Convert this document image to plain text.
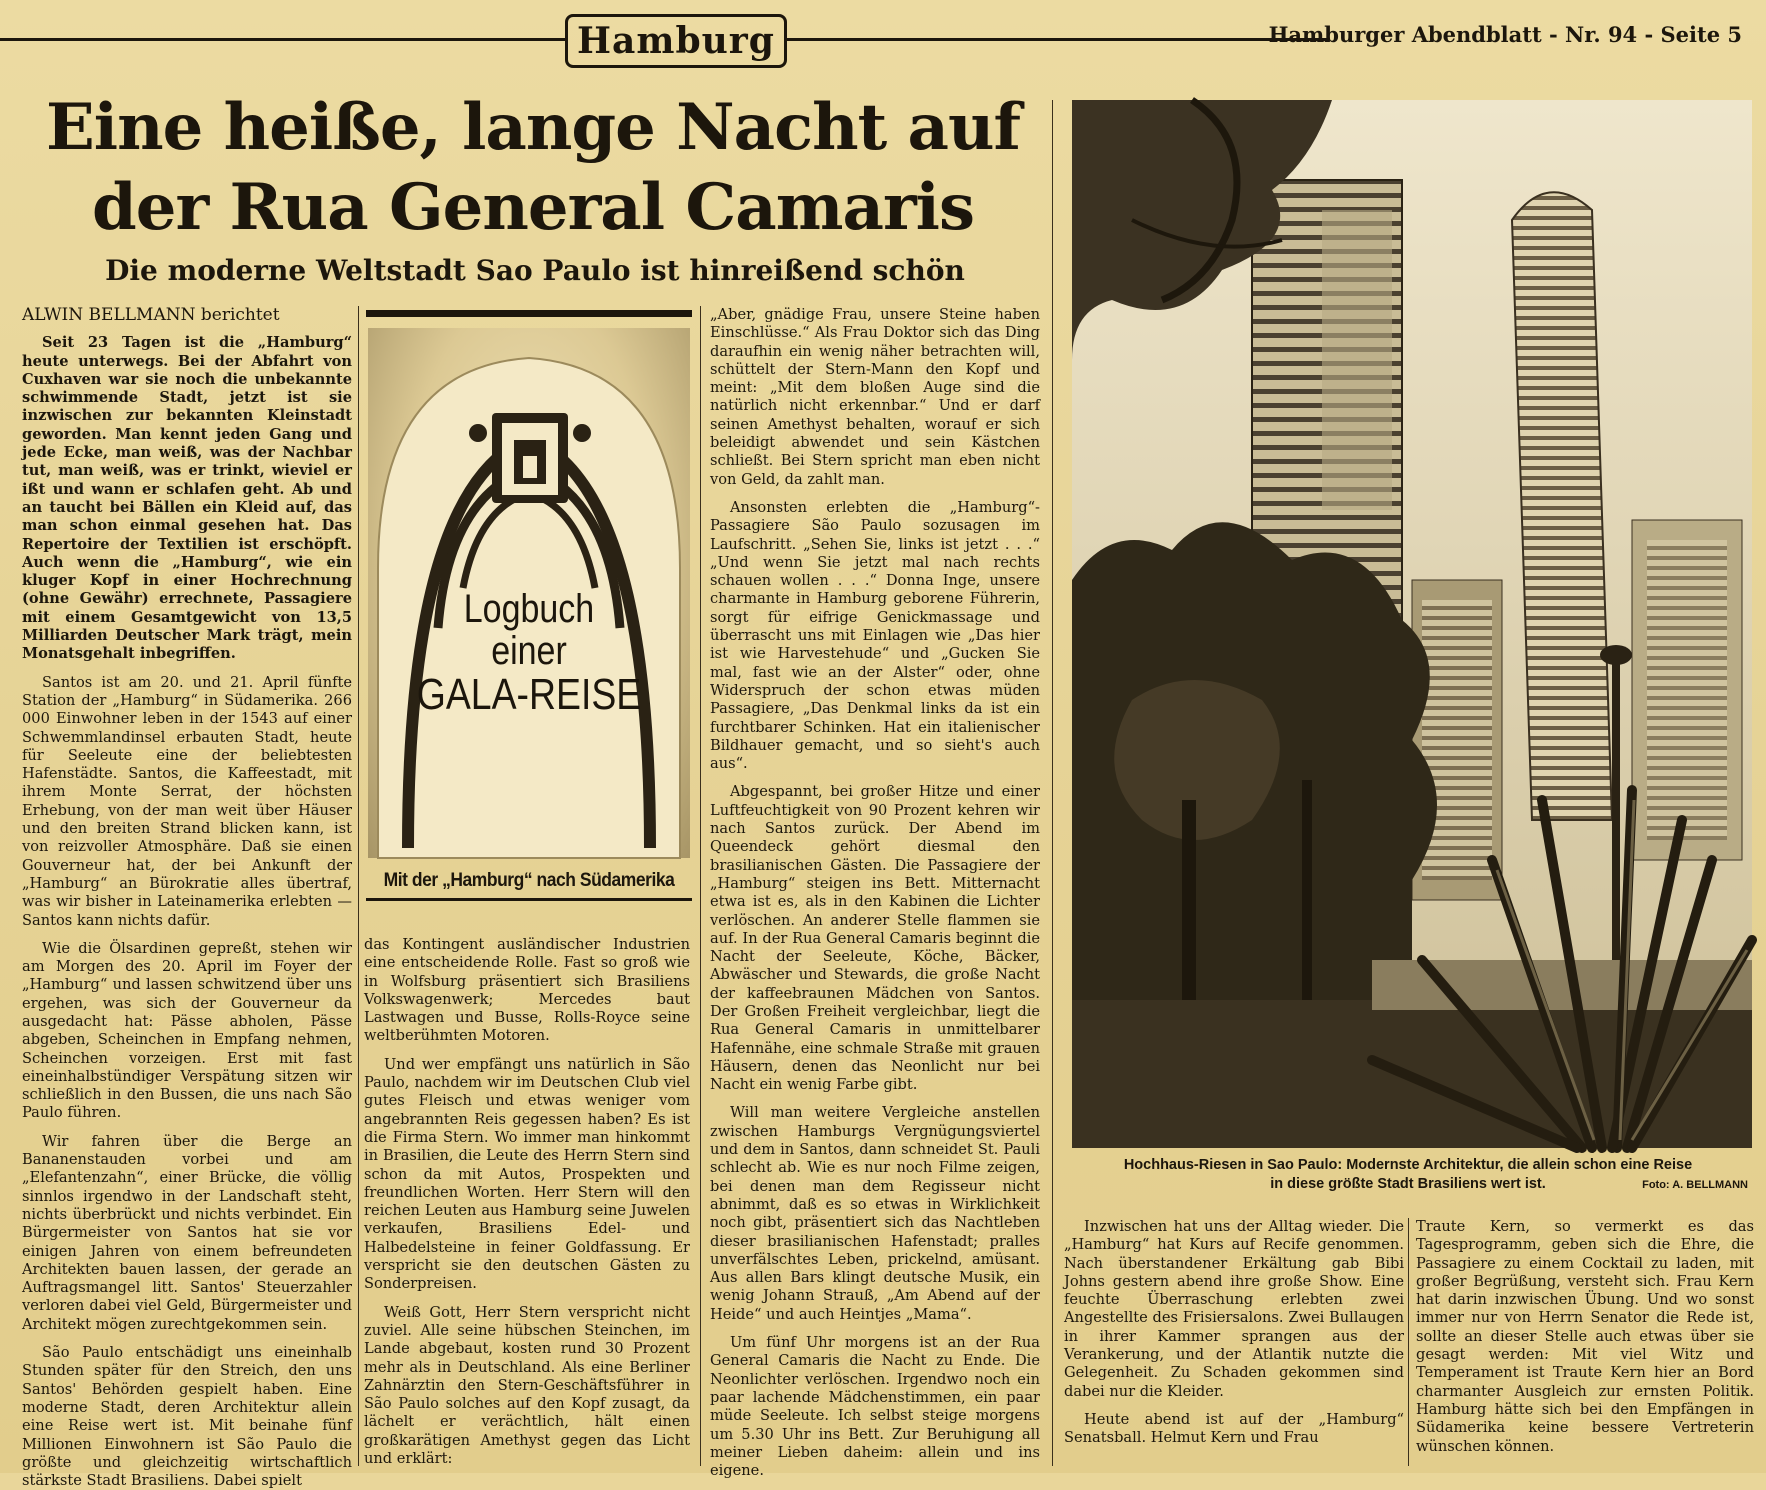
Hamburg	Hamburger Abendblatt - Nr. 94 - Seite 5
Eine heiße, lange Nacht auf
der Rua General Camaris
Die moderne Weltstadt Sao Paulo ist hinreißend schön

ALWIN BELLMANN berichtet

Seit 23 Tagen ist die „Hamburg“ heute unterwegs. Bei der Abfahrt von Cuxhaven war sie noch die unbekannte schwimmende Stadt, jetzt ist sie inzwischen zur bekannten Kleinstadt geworden. Man kennt jeden Gang und jede Ecke, man weiß, was der Nachbar tut, man weiß, was er trinkt, wieviel er ißt und wann er schlafen geht. Ab und an taucht bei Bällen ein Kleid auf, das man schon einmal gesehen hat. Das Repertoire der Textilien ist erschöpft. Auch wenn die „Hamburg“, wie ein kluger Kopf in einer Hochrechnung (ohne Gewähr) errechnete, Passagiere mit einem Gesamtgewicht von 13,5 Milliarden Deutscher Mark trägt, mein Monatsgehalt inbegriffen.

Santos ist am 20. und 21. April fünfte Station der „Hamburg“ in Südamerika. 266 000 Einwohner leben in der 1543 auf einer Schwemmlandinsel erbauten Stadt, heute für Seeleute eine der beliebtesten Hafenstädte. Santos, die Kaffeestadt, mit ihrem Monte Serrat, der höchsten Erhebung, von der man weit über Häuser und den breiten Strand blicken kann, ist von reizvoller Atmosphäre. Daß sie einen Gouverneur hat, der bei Ankunft der „Hamburg“ an Bürokratie alles übertraf, was wir bisher in Lateinamerika erlebten — Santos kann nichts dafür.

Wie die Ölsardinen gepreßt, stehen wir am Morgen des 20. April im Foyer der „Hamburg“ und lassen schwitzend über uns ergehen, was sich der Gouverneur da ausgedacht hat: Pässe abholen, Pässe abgeben, Scheinchen in Empfang nehmen, Scheinchen vorzeigen. Erst mit fast eineinhalbstündiger Verspätung sitzen wir schließlich in den Bussen, die uns nach São Paulo führen.

Wir fahren über die Berge an Bananenstauden vorbei und am „Elefantenzahn“, einer Brücke, die völlig sinnlos irgendwo in der Landschaft steht, nichts überbrückt und nichts verbindet. Ein Bürgermeister von Santos hat sie vor einigen Jahren von einem befreundeten Architekten bauen lassen, der gerade an Auftragsmangel litt. Santos' Steuerzahler verloren dabei viel Geld, Bürgermeister und Architekt mögen zurechtgekommen sein.

São Paulo entschädigt uns eineinhalb Stunden später für den Streich, den uns Santos' Behörden gespielt haben. Eine moderne Stadt, deren Architektur allein eine Reise wert ist. Mit beinahe fünf Millionen Einwohnern ist São Paulo die größte und gleichzeitig wirtschaftlich stärkste Stadt Brasiliens. Dabei spielt

Logbuch
einer
GALA-REISE
Mit der „Hamburg“ nach Südamerika

das Kontingent ausländischer Industrien eine entscheidende Rolle. Fast so groß wie in Wolfsburg präsentiert sich Brasiliens Volkswagenwerk; Mercedes baut Lastwagen und Busse, Rolls-Royce seine weltberühmten Motoren.

Und wer empfängt uns natürlich in São Paulo, nachdem wir im Deutschen Club viel gutes Fleisch und etwas weniger vom angebrannten Reis gegessen haben? Es ist die Firma Stern. Wo immer man hinkommt in Brasilien, die Leute des Herrn Stern sind schon da mit Autos, Prospekten und freundlichen Worten. Herr Stern will den reichen Leuten aus Hamburg seine Juwelen verkaufen, Brasiliens Edel- und Halbedelsteine in feiner Goldfassung. Er verspricht sie den deutschen Gästen zu Sonderpreisen.

Weiß Gott, Herr Stern verspricht nicht zuviel. Alle seine hübschen Steinchen, im Lande abgebaut, kosten rund 30 Prozent mehr als in Deutschland. Als eine Berliner Zahnärztin den Stern-Geschäftsführer in São Paulo solches auf den Kopf zusagt, da lächelt er verächtlich, hält einen großkarätigen Amethyst gegen das Licht und erklärt:

„Aber, gnädige Frau, unsere Steine haben Einschlüsse.“ Als Frau Doktor sich das Ding daraufhin ein wenig näher betrachten will, schüttelt der Stern-Mann den Kopf und meint: „Mit dem bloßen Auge sind die natürlich nicht erkennbar.“ Und er darf seinen Amethyst behalten, worauf er sich beleidigt abwendet und sein Kästchen schließt. Bei Stern spricht man eben nicht von Geld, da zahlt man.

Ansonsten erlebten die „Hamburg“-Passagiere São Paulo sozusagen im Laufschritt. „Sehen Sie, links ist jetzt . . .“ „Und wenn Sie jetzt mal nach rechts schauen wollen . . .“ Donna Inge, unsere charmante in Hamburg geborene Führerin, sorgt für eifrige Genickmassage und überrascht uns mit Einlagen wie „Das hier ist wie Harvestehude“ und „Gucken Sie mal, fast wie an der Alster“ oder, ohne Widerspruch der schon etwas müden Passagiere, „Das Denkmal links da ist ein furchtbarer Schinken. Hat ein italienischer Bildhauer gemacht, und so sieht's auch aus“.

Abgespannt, bei großer Hitze und einer Luftfeuchtigkeit von 90 Prozent kehren wir nach Santos zurück. Der Abend im Queendeck gehört diesmal den brasilianischen Gästen. Die Passagiere der „Hamburg“ steigen ins Bett. Mitternacht etwa ist es, als in den Kabinen die Lichter verlöschen. An anderer Stelle flammen sie auf. In der Rua General Camaris beginnt die Nacht der Seeleute, Köche, Bäcker, Abwäscher und Stewards, die große Nacht der kaffeebraunen Mädchen von Santos. Der Großen Freiheit vergleichbar, liegt die Rua General Camaris in unmittelbarer Hafennähe, eine schmale Straße mit grauen Häusern, denen das Neonlicht nur bei Nacht ein wenig Farbe gibt.

Will man weitere Vergleiche anstellen zwischen Hamburgs Vergnügungsviertel und dem in Santos, dann schneidet St. Pauli schlecht ab. Wie es nur noch Filme zeigen, bei denen man dem Regisseur nicht abnimmt, daß es so etwas in Wirklichkeit noch gibt, präsentiert sich das Nachtleben dieser brasilianischen Hafenstadt; pralles unverfälschtes Leben, prickelnd, amüsant. Aus allen Bars klingt deutsche Musik, ein wenig Johann Strauß, „Am Abend auf der Heide“ und auch Heintjes „Mama“.

Um fünf Uhr morgens ist an der Rua General Camaris die Nacht zu Ende. Die Neonlichter verlöschen. Irgendwo noch ein paar lachende Mädchenstimmen, ein paar müde Seeleute. Ich selbst steige morgens um 5.30 Uhr ins Bett. Zur Beruhigung all meiner Lieben daheim: allein und ins eigene.

Hochhaus-Riesen in Sao Paulo: Modernste Architektur, die allein schon eine Reise
in diese größte Stadt Brasiliens wert ist.	Foto: A. BELLMANN

Inzwischen hat uns der Alltag wieder. Die „Hamburg“ hat Kurs auf Recife genommen. Nach überstandener Erkältung gab Bibi Johns gestern abend ihre große Show. Eine feuchte Überraschung erlebten zwei Angestellte des Frisiersalons. Zwei Bullaugen in ihrer Kammer sprangen aus der Verankerung, und der Atlantik nutzte die Gelegenheit. Zu Schaden gekommen sind dabei nur die Kleider.

Heute abend ist auf der „Hamburg“ Senatsball. Helmut Kern und Frau

Traute Kern, so vermerkt es das Tagesprogramm, geben sich die Ehre, die Passagiere zu einem Cocktail zu laden, mit großer Begrüßung, versteht sich. Frau Kern hat darin inzwischen Übung. Und wo sonst immer nur von Herrn Senator die Rede ist, sollte an dieser Stelle auch etwas über sie gesagt werden: Mit viel Witz und Temperament ist Traute Kern hier an Bord charmanter Ausgleich zur ernsten Politik. Hamburg hätte sich bei den Empfängen in Südamerika keine bessere Vertreterin wünschen können.
